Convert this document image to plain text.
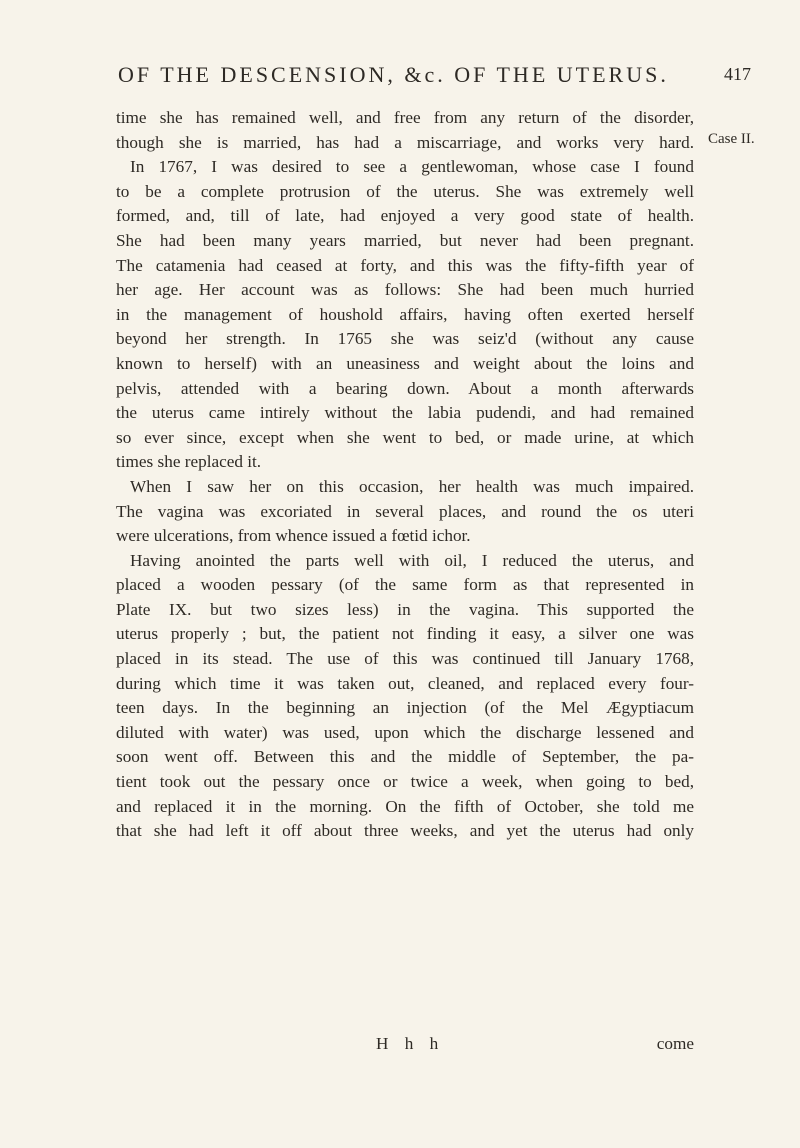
OF THE DESCENSION, &c. OF THE UTERUS.	417
Case II.
time she has remained well, and free from any return of the disorder,
though she is married, has had a miscarriage, and works very hard.
In 1767, I was desired to see a gentlewoman, whose case I found
to be a complete protrusion of the uterus. She was extremely well
formed, and, till of late, had enjoyed a very good state of health.
She had been many years married, but never had been pregnant.
The catamenia had ceased at forty, and this was the fifty-fifth year of
her age. Her account was as follows: She had been much hurried
in the management of houshold affairs, having often exerted herself
beyond her strength. In 1765 she was seiz'd (without any cause
known to herself) with an uneasiness and weight about the loins and
pelvis, attended with a bearing down. About a month afterwards
the uterus came intirely without the labia pudendi, and had remained
so ever since, except when she went to bed, or made urine, at which
times she replaced it.
When I saw her on this occasion, her health was much impaired.
The vagina was excoriated in several places, and round the os uteri
were ulcerations, from whence issued a fœtid ichor.
Having anointed the parts well with oil, I reduced the uterus, and
placed a wooden pessary (of the same form as that represented in
Plate IX. but two sizes less) in the vagina. This supported the
uterus properly ; but, the patient not finding it easy, a silver one was
placed in its stead. The use of this was continued till January 1768,
during which time it was taken out, cleaned, and replaced every four-
teen days. In the beginning an injection (of the Mel Ægyptiacum
diluted with water) was used, upon which the discharge lessened and
soon went off. Between this and the middle of September, the pa-
tient took out the pessary once or twice a week, when going to bed,
and replaced it in the morning. On the fifth of October, she told me
that she had left it off about three weeks, and yet the uterus had only
H h h	come
